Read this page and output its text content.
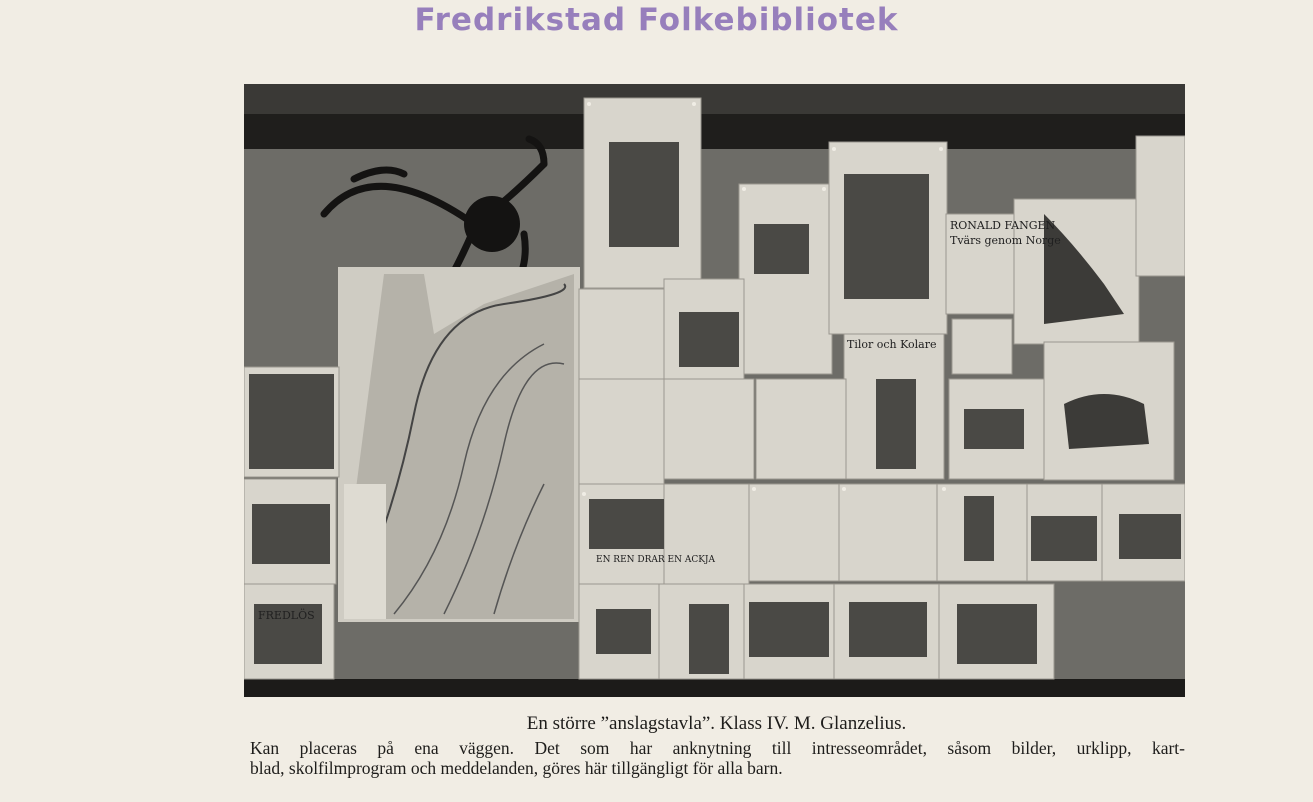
Fredrikstad Folkebibliotek
RONALD FANGEN
Tvärs genom Norge
Tilor och Kolare
EN REN DRAR EN ACKJA
FREDLÖS
En större ”anslagstavla”. Klass IV. M. Glanzelius.
Kan placeras på ena väggen. Det som har anknytning till intresseområdet, såsom bilder, urklipp, kart-
blad, skolfilmprogram och meddelanden, göres här tillgängligt för alla barn.
